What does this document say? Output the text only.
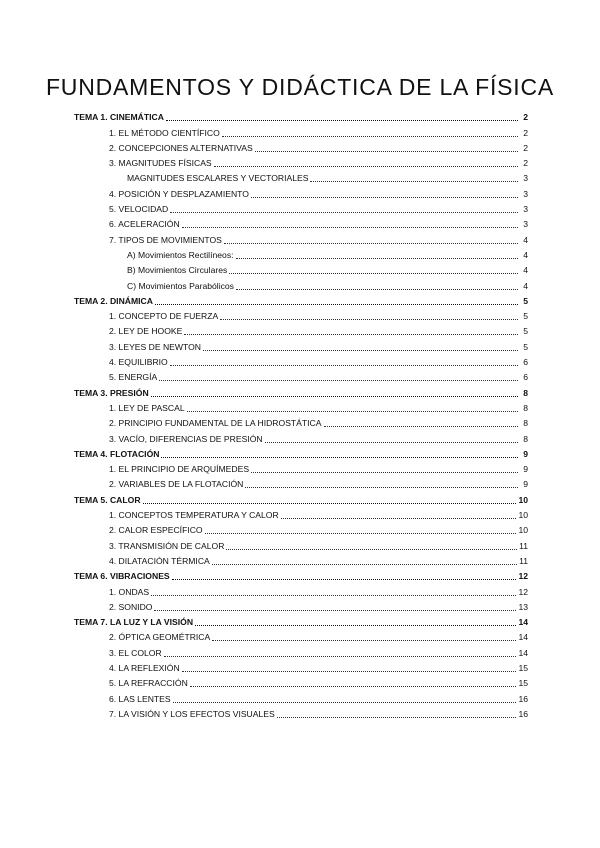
FUNDAMENTOS Y DIDÁCTICA DE LA FÍSICA
TEMA 1. CINEMÁTICA	2
1. EL MÉTODO CIENTÍFICO	2
2. CONCEPCIONES ALTERNATIVAS	2
3. MAGNITUDES FÍSICAS	2
MAGNITUDES ESCALARES Y VECTORIALES	3
4. POSICIÓN Y DESPLAZAMIENTO	3
5. VELOCIDAD	3
6. ACELERACIÓN	3
7. TIPOS DE MOVIMIENTOS	4
A) Movimientos Rectilíneos:	4
B) Movimientos Circulares	4
C) Movimientos Parabólicos	4
TEMA 2. DINÁMICA	5
1. CONCEPTO DE FUERZA	5
2. LEY DE HOOKE	5
3. LEYES DE NEWTON	5
4. EQUILIBRIO	6
5. ENERGÍA	6
TEMA 3. PRESIÓN	8
1. LEY DE PASCAL	8
2. PRINCIPIO FUNDAMENTAL DE LA HIDROSTÁTICA	8
3. VACÍO, DIFERENCIAS DE PRESIÓN	8
TEMA 4. FLOTACIÓN	9
1. EL PRINCIPIO DE ARQUÍMEDES	9
2. VARIABLES DE LA FLOTACIÓN	9
TEMA 5. CALOR	10
1. CONCEPTOS TEMPERATURA Y CALOR	10
2. CALOR ESPECÍFICO	10
3. TRANSMISIÓN DE CALOR	11
4. DILATACIÓN TÉRMICA	11
TEMA 6. VIBRACIONES	12
1. ONDAS	12
2. SONIDO	13
TEMA 7. LA LUZ Y LA VISIÓN	14
2. ÓPTICA GEOMÉTRICA	14
3. EL COLOR	14
4. LA REFLEXIÓN	15
5. LA REFRACCIÓN	15
6. LAS LENTES	16
7. LA VISIÓN Y LOS EFECTOS VISUALES	16
